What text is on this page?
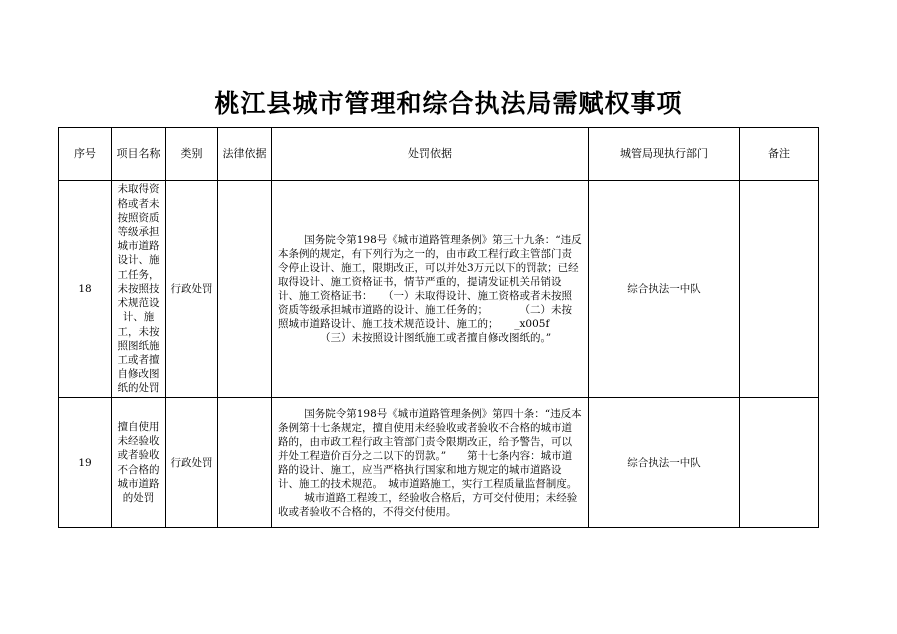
桃江县城市管理和综合执法局需赋权事项
序号	项目名称	类别	法律依据	处罚依据	城管局现执行部门	备注
18	未取得资格或者未按照资质等级承担城市道路设计、施工任务，未按照技术规范设计、施工，未按照图纸施工或者擅自修改图纸的处罚	行政处罚		国务院令第198号《城市道路管理条例》第三十九条：“违反本条例的规定，有下列行为之一的，由市政工程行政主管部门责令停止设计、施工，限期改正，可以并处3万元以下的罚款；已经取得设计、施工资格证书，情节严重的，提请发证机关吊销设计、施工资格证书：　　（一）未取得设计、施工资格或者未按照资质等级承担城市道路的设计、施工任务的；　　　　（二）未按照城市道路设计、施工技术规范设计、施工的；　　_x005f

（三）未按照设计图纸施工或者擅自修改图纸的。”	综合执法一中队	
19	擅自使用未经验收或者验收不合格的城市道路的处罚	行政处罚		国务院令第198号《城市道路管理条例》第四十条：“违反本条例第十七条规定，擅自使用未经验收或者验收不合格的城市道路的，由市政工程行政主管部门责令限期改正，给予警告，可以并处工程造价百分之二以下的罚款。”　　第十七条内容：城市道路的设计、施工，应当严格执行国家和地方规定的城市道路设计、施工的技术规范。　城市道路施工，实行工程质量监督制度。

城市道路工程竣工，经验收合格后，方可交付使用；未经验收或者验收不合格的，不得交付使用。	综合执法一中队	
